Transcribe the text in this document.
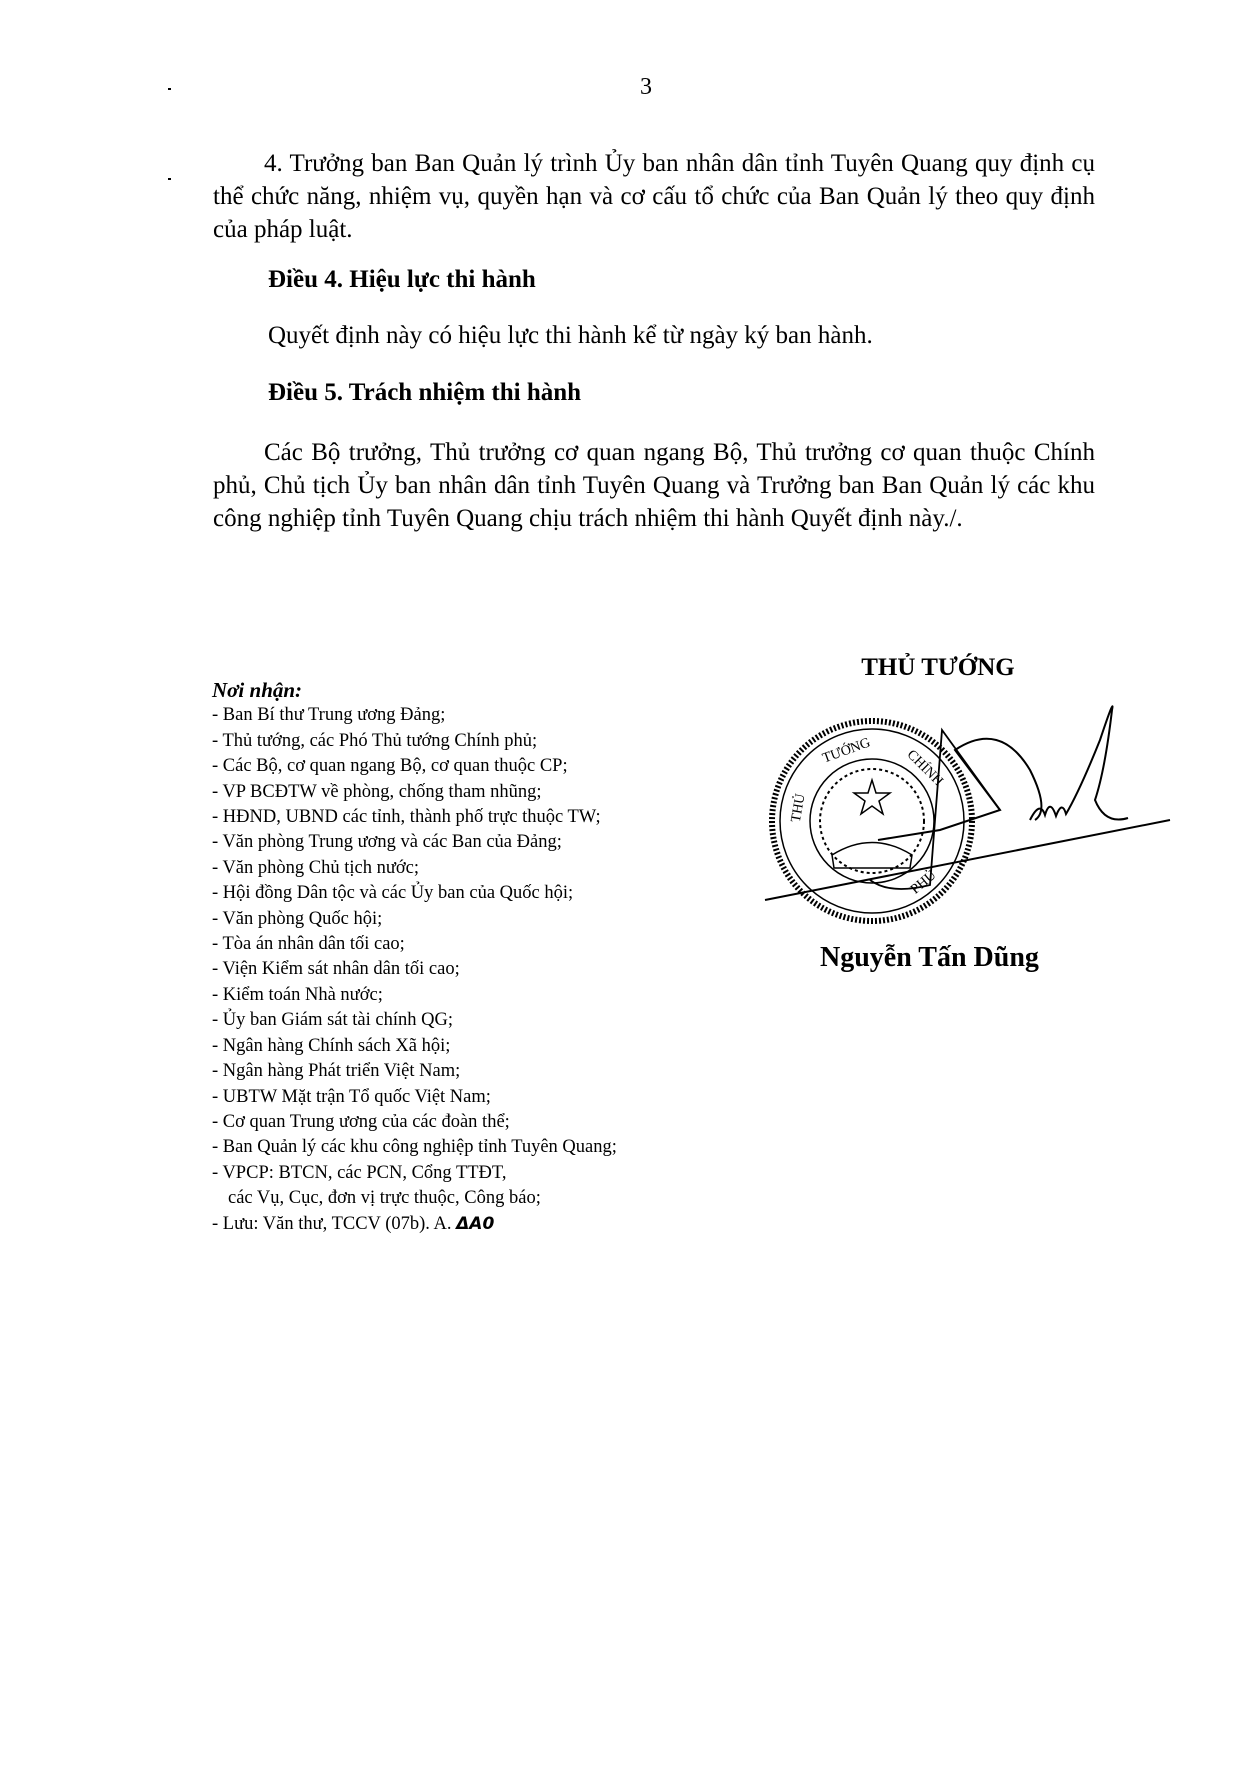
3
4. Trưởng ban Ban Quản lý trình Ủy ban nhân dân tỉnh Tuyên Quang quy định cụ thể chức năng, nhiệm vụ, quyền hạn và cơ cấu tổ chức của Ban Quản lý theo quy định của pháp luật.
Điều 4. Hiệu lực thi hành
Quyết định này có hiệu lực thi hành kể từ ngày ký ban hành.
Điều 5. Trách nhiệm thi hành
Các Bộ trưởng, Thủ trưởng cơ quan ngang Bộ, Thủ trưởng cơ quan thuộc Chính phủ, Chủ tịch Ủy ban nhân dân tỉnh Tuyên Quang và Trưởng ban Ban Quản lý các khu công nghiệp tỉnh Tuyên Quang chịu trách nhiệm thi hành Quyết định này./.
THỦ TƯỚNG
TƯỚNG CHÍNH
THỦ
PHỦ
Nguyễn Tấn Dũng
Nơi nhận:
- Ban Bí thư Trung ương Đảng;
- Thủ tướng, các Phó Thủ tướng Chính phủ;
- Các Bộ, cơ quan ngang Bộ, cơ quan thuộc CP;
- VP BCĐTW về phòng, chống tham nhũng;
- HĐND, UBND các tỉnh, thành phố trực thuộc TW;
- Văn phòng Trung ương và các Ban của Đảng;
- Văn phòng Chủ tịch nước;
- Hội đồng Dân tộc và các Ủy ban của Quốc hội;
- Văn phòng Quốc hội;
- Tòa án nhân dân tối cao;
- Viện Kiểm sát nhân dân tối cao;
- Kiểm toán Nhà nước;
- Ủy ban Giám sát tài chính QG;
- Ngân hàng Chính sách Xã hội;
- Ngân hàng Phát triển Việt Nam;
- UBTW Mặt trận Tổ quốc Việt Nam;
- Cơ quan Trung ương của các đoàn thể;
- Ban Quản lý các khu công nghiệp tỉnh Tuyên Quang;
- VPCP: BTCN, các PCN, Cổng TTĐT,
các Vụ, Cục, đơn vị trực thuộc, Công báo;
- Lưu: Văn thư, TCCV (07b). A. ΔA0
